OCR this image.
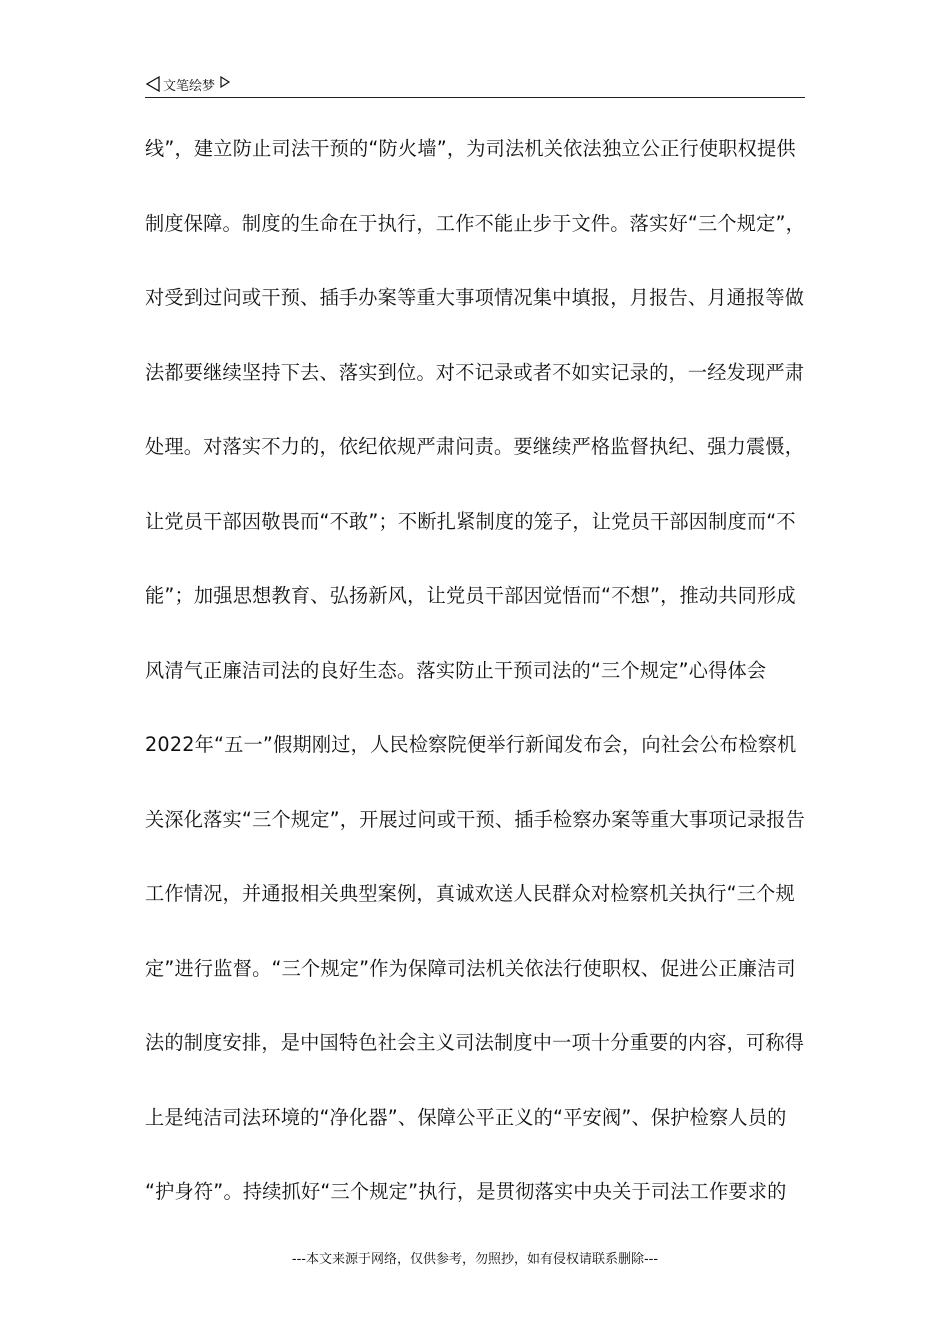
文笔绘梦
线”，建立防止司法干预的“防火墙”，为司法机关依法独立公正行使职权提供
制度保障。制度的生命在于执行，工作不能止步于文件。落实好“三个规定”，
对受到过问或干预、插手办案等重大事项情况集中填报，月报告、月通报等做
法都要继续坚持下去、落实到位。对不记录或者不如实记录的，一经发现严肃
处理。对落实不力的，依纪依规严肃问责。要继续严格监督执纪、强力震慑，
让党员干部因敬畏而“不敢”；不断扎紧制度的笼子，让党员干部因制度而“不
能”；加强思想教育、弘扬新风，让党员干部因觉悟而“不想”，推动共同形成
风清气正廉洁司法的良好生态。落实防止干预司法的“三个规定”心得体会
2022年“五一”假期刚过，人民检察院便举行新闻发布会，向社会公布检察机
关深化落实“三个规定”，开展过问或干预、插手检察办案等重大事项记录报告
工作情况，并通报相关典型案例，真诚欢送人民群众对检察机关执行“三个规
定”进行监督。“三个规定”作为保障司法机关依法行使职权、促进公正廉洁司
法的制度安排，是中国特色社会主义司法制度中一项十分重要的内容，可称得
上是纯洁司法环境的“净化器”、保障公平正义的“平安阀”、保护检察人员的
“护身符”。持续抓好“三个规定”执行，是贯彻落实中央关于司法工作要求的
---本文来源于网络，仅供参考，勿照抄，如有侵权请联系删除---
